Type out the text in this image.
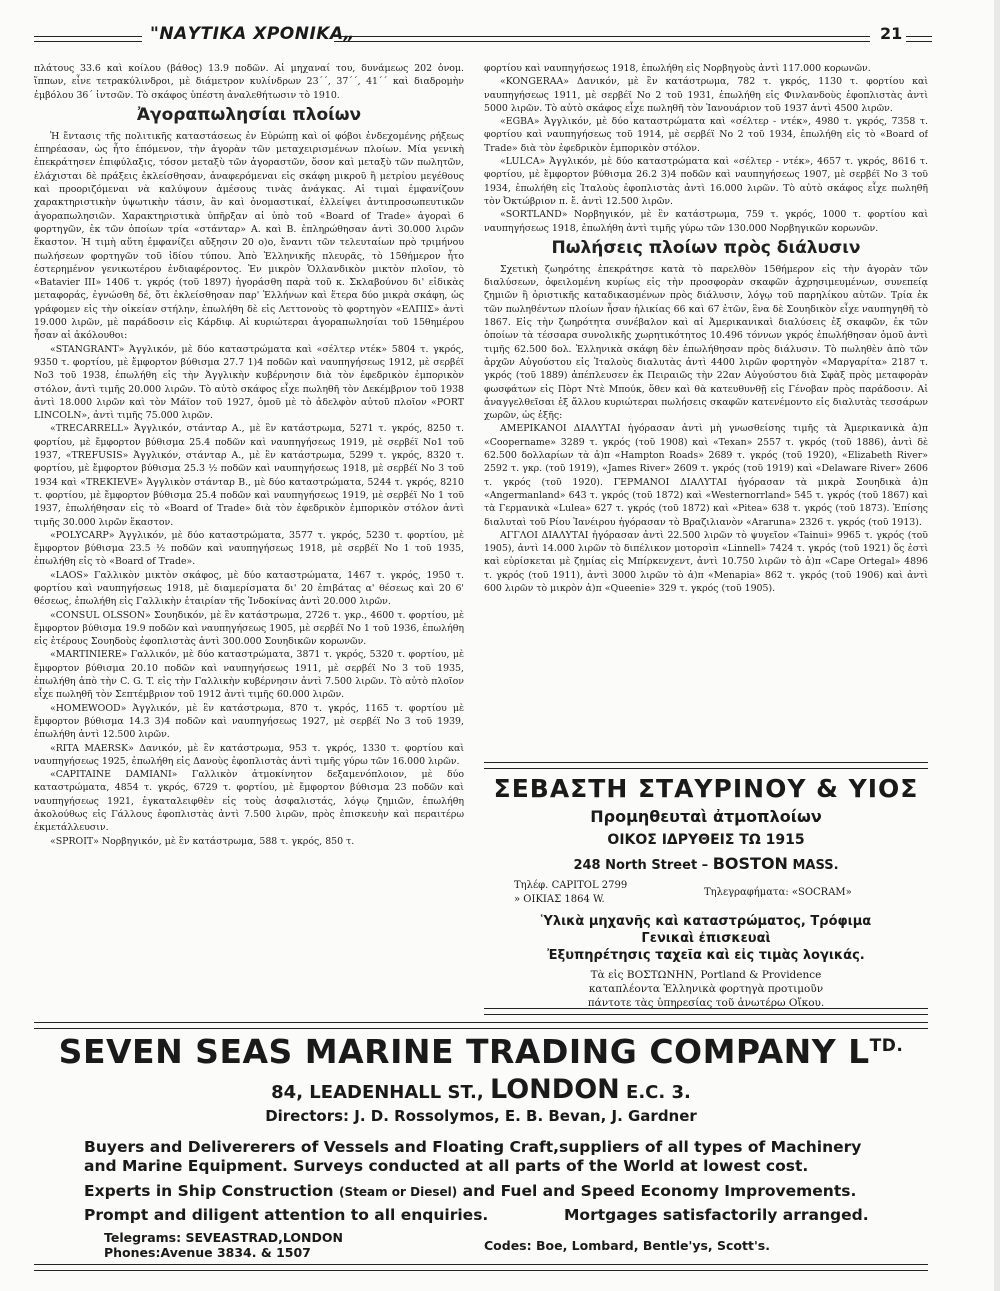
"ΝΑΥΤΙΚΑ ΧΡΟΝΙΚΑ„	21

πλάτους 33.6 καὶ κοίλου (βάθος) 13.9 ποδῶν. Αἱ μηχαναί του, δυνάμεως 202 ὀνομ. ἵππων, εἶνε τετρακύλινδροι, μὲ διάμετρον κυλίνδρων 23΄΄, 37΄΄, 41΄΄ καὶ διαδρομὴν ἐμβόλου 36΄ ἰντσῶν. Τὸ σκάφος ὑπέστη ἀναλεθήτωσιν τὸ 1910.

Ἀγοραπωλησίαι πλοίων

Ἡ ἔντασις τῆς πολιτικῆς καταστάσεως ἐν Εὐρώπῃ καὶ οἱ φόβοι ἐνδεχομένης ρήξεως ἐπηρέασαν, ὡς ἦτο ἑπόμενον, τὴν ἀγορὰν τῶν μεταχειρισμένων πλοίων. Μία γενικὴ ἐπεκράτησεν ἐπιφύλαξις, τόσον μεταξὺ τῶν ἀγοραστῶν, ὅσον καὶ μεταξὺ τῶν πωλητῶν, ἐλάχισται δὲ πράξεις ἐκλείσθησαν, ἀναφερόμεναι εἰς σκάφη μικροῦ ἢ μετρίου μεγέθους καὶ προοριζόμεναι νὰ καλύψουν ἀμέσους τινὰς ἀνάγκας. Αἱ τιμαὶ ἐμφανίζουν χαρακτηριστικὴν ὑψωτικὴν τάσιν, ἂν καὶ ὀνομαστικαί, ἐλλείψει ἀντιπροσωπευτικῶν ἀγοραπωλησιῶν. Χαρακτηριστικὰ ὑπῆρξαν αἱ ὑπὸ τοῦ «Board of Trade» ἀγοραὶ 6 φορτηγῶν, ἐκ τῶν ὁποίων τρία «στάνταρ» Α. καὶ Β. ἐπληρώθησαν ἀντὶ 30.000 λιρῶν ἕκαστον. Ἡ τιμὴ αὕτη ἐμφανίζει αὔξησιν 20 ο)ο, ἔναντι τῶν τελευταίων πρὸ τριμήνου πωλήσεων φορτηγῶν τοῦ ἰδίου τύπου. Ἀπὸ Ἑλληνικῆς πλευρᾶς, τὸ 15θήμερον ἦτο ἐστερημένον γενικωτέρου ἐνδιαφέροντος. Ἐν μικρὸν Ὁλλανδικὸν μικτὸν πλοῖον, τὸ «Batavier III» 1406 τ. γκρός (τοῦ 1897) ἠγοράσθη παρὰ τοῦ κ. Σκλαβούνου δι' εἰδικὰς μεταφοράς, ἐγνώσθη δέ, ὅτι ἐκλείσθησαν παρ' Ἑλλήνων καὶ ἕτερα δύο μικρὰ σκάφη, ὡς γράφομεν εἰς τὴν οἰκείαν στήλην, ἐπωλήθη δὲ εἰς Λεττονοὺς τὸ φορτηγὸν «ΕΛΠΙΣ» ἀντὶ 19.000 λιρῶν, μὲ παράδοσιν εἰς Κάρδιφ. Αἱ κυριώτεραι ἀγοραπωλησίαι τοῦ 15θημέρου ἦσαν αἱ ἀκόλουθοι:

«STANGRANT» Ἀγγλικόν, μὲ δύο καταστρώματα καὶ «σέλτερ ντέκ» 5804 τ. γκρός, 9350 τ. φορτίου, μὲ ἔμφορτον βύθισμα 27.7 1)4 ποδῶν καὶ ναυπηγήσεως 1912, μὲ σερβέϊ Νο3 τοῦ 1938, ἐπωλήθη εἰς τὴν Ἀγγλικὴν κυβέρνησιν διὰ τὸν ἐφεδρικὸν ἐμπορικὸν στόλον, ἀντὶ τιμῆς 20.000 λιρῶν. Τὸ αὐτὸ σκάφος εἶχε πωληθῆ τὸν Δεκέμβριον τοῦ 1938 ἀντὶ 18.000 λιρῶν καὶ τὸν Μάϊον τοῦ 1927, ὁμοῦ μὲ τὸ ἀδελφὸν αὐτοῦ πλοῖον «PORT LINCOLN», ἀντὶ τιμῆς 75.000 λιρῶν.

«TRECARRELL» Ἀγγλικόν, στάνταρ Α., μὲ ἓν κατάστρωμα, 5271 τ. γκρός, 8250 τ. φορτίου, μὲ ἔμφορτον βύθισμα 25.4 ποδῶν καὶ ναυπηγήσεως 1919, μὲ σερβέϊ Νο1 τοῦ 1937, «TREFUSIS» Ἀγγλικόν, στάνταρ Α., μὲ ἓν κατάστρωμα, 5299 τ. γκρός, 8320 τ. φορτίου, μὲ ἔμφορτον βύθισμα 25.3 ½ ποδῶν καὶ ναυπηγήσεως 1918, μὲ σερβέϊ Νο 3 τοῦ 1934 καὶ «TREKIEVE» Ἀγγλικὸν στάνταρ Β., μὲ δύο καταστρώματα, 5244 τ. γκρός, 8210 τ. φορτίου, μὲ ἔμφορτον βύθισμα 25.4 ποδῶν καὶ ναυπηγήσεως 1919, μὲ σερβέϊ Νο 1 τοῦ 1937, ἐπωλήθησαν εἰς τὸ «Board of Trade» διὰ τὸν ἐφεδρικὸν ἐμπορικὸν στόλον ἀντὶ τιμῆς 30.000 λιρῶν ἕκαστον.

«POLYCARP» Ἀγγλικόν, μὲ δύο καταστρώματα, 3577 τ. γκρός, 5230 τ. φορτίου, μὲ ἔμφορτον βύθισμα 23.5 ½ ποδῶν καὶ ναυπηγήσεως 1918, μὲ σερβέϊ Νο 1 τοῦ 1935, ἐπωλήθη εἰς τὸ «Board of Trade».

«LAOS» Γαλλικὸν μικτὸν σκάφος, μὲ δύο καταστρώματα, 1467 τ. γκρός, 1950 τ. φορτίου καὶ ναυπηγήσεως 1918, μὲ διαμερίσματα δι' 20 ἐπιβάτας α' θέσεως καὶ 20 6' θέσεως, ἐπωλήθη εἰς Γαλλικὴν ἑταιρίαν τῆς Ἰνδοκίνας ἀντὶ 20.000 λιρῶν.

«CONSUL OLSSON» Σουηδικόν, μὲ ἓν κατάστρωμα, 2726 τ. γκρ., 4600 τ. φορτίου, μὲ ἔμφορτον βύθισμα 19.9 ποδῶν καὶ ναυπηγήσεως 1905, μὲ σερβέϊ Νο 1 τοῦ 1936, ἐπωλήθη εἰς ἑτέρους Σουηδοὺς ἐφοπλιστὰς ἀντὶ 300.000 Σουηδικῶν κορωνῶν.

«MARTINIERE» Γαλλικόν, μὲ δύο καταστρώματα, 3871 τ. γκρός, 5320 τ. φορτίου, μὲ ἔμφορτον βύθισμα 20.10 ποδῶν καὶ ναυπηγήσεως 1911, μὲ σερβέϊ Νο 3 τοῦ 1935, ἐπωλήθη ἀπὸ τὴν C. G. T. εἰς τὴν Γαλλικὴν κυβέρνησιν ἀντὶ 7.500 λιρῶν. Τὸ αὐτὸ πλοῖον εἶχε πωληθῆ τὸν Σεπτέμβριον τοῦ 1912 ἀντὶ τιμῆς 60.000 λιρῶν.

«HOMEWOOD» Ἀγγλικόν, μὲ ἓν κατάστρωμα, 870 τ. γκρός, 1165 τ. φορτίου μὲ ἔμφορτον βύθισμα 14.3 3)4 ποδῶν καὶ ναυπηγήσεως 1927, μὲ σερβέϊ Νο 3 τοῦ 1939, ἐπωλήθη ἀντὶ 12.500 λιρῶν.

«RITA MAERSK» Δανικόν, μὲ ἓν κατάστρωμα, 953 τ. γκρός, 1330 τ. φορτίου καὶ ναυπηγήσεως 1925, ἐπωλήθη εἰς Δανοὺς ἐφοπλιστὰς ἀντὶ τιμῆς γύρω τῶν 16.000 λιρῶν.

«CAPITAINE DAMIANI» Γαλλικὸν ἀτμοκίνητον δεξαμενόπλοιον, μὲ δύο καταστρώματα, 4854 τ. γκρός, 6729 τ. φορτίου, μὲ ἔμφορτον βύθισμα 23 ποδῶν καὶ ναυπηγήσεως 1921, ἐγκαταλειφθὲν εἰς τοὺς ἀσφαλιστάς, λόγῳ ζημιῶν, ἐπωλήθη ἀκολούθως εἰς Γάλλους ἐφοπλιστὰς ἀντὶ 7.500 λιρῶν, πρὸς ἐπισκευὴν καὶ περαιτέρω ἐκμετάλλευσιν.

«SPROIT» Νορβηγικόν, μὲ ἓν κατάστρωμα, 588 τ. γκρός, 850 τ.

φορτίου καὶ ναυπηγήσεως 1918, ἐπωλήθη εἰς Νορβηγοὺς ἀντὶ 117.000 κορωνῶν.

«KONGERAA» Δανικόν, μὲ ἓν κατάστρωμα, 782 τ. γκρός, 1130 τ. φορτίου καὶ ναυπηγήσεως 1911, μὲ σερβέϊ Νο 2 τοῦ 1931, ἐπωλήθη εἰς Φινλανδοὺς ἐφοπλιστὰς ἀντὶ 5000 λιρῶν. Τὸ αὐτὸ σκάφος εἶχε πωληθῆ τὸν Ἰανουάριον τοῦ 1937 ἀντὶ 4500 λιρῶν.

«EGBA» Ἀγγλικόν, μὲ δύο καταστρώματα καὶ «σέλτερ - ντέκ», 4980 τ. γκρός, 7358 τ. φορτίου καὶ ναυπηγήσεως τοῦ 1914, μὲ σερβέϊ Νο 2 τοῦ 1934, ἐπωλήθη εἰς τὸ «Board of Trade» διὰ τὸν ἐφεδρικὸν ἐμπορικὸν στόλον.

«LULCA» Ἀγγλικόν, μὲ δύο καταστρώματα καὶ «σέλτερ - ντέκ», 4657 τ. γκρός, 8616 τ. φορτίου, μὲ ἔμφορτον βύθισμα 26.2 3)4 ποδῶν καὶ ναυπηγήσεως 1907, μὲ σερβέϊ Νο 3 τοῦ 1934, ἐπωλήθη εἰς Ἰταλοὺς ἐφοπλιστὰς ἀντὶ 16.000 λιρῶν. Τὸ αὐτὸ σκάφος εἶχε πωληθῆ τὸν Ὀκτώβριον π. ἔ. ἀντὶ 12.500 λιρῶν.

«SORTLAND» Νορβηγικόν, μὲ ἓν κατάστρωμα, 759 τ. γκρός, 1000 τ. φορτίου καὶ ναυπηγήσεως 1918, ἐπωλήθη ἀντὶ τιμῆς γύρω τῶν 130.000 Νορβηγικῶν κορωνῶν.

Πωλήσεις πλοίων πρὸς διάλυσιν

Σχετικὴ ζωηρότης ἐπεκράτησε κατὰ τὸ παρελθὸν 15θήμερον εἰς τὴν ἀγορὰν τῶν διαλύσεων, ὀφειλομένη κυρίως εἰς τὴν προσφορὰν σκαφῶν ἀχρησιμευμένων, συνεπείᾳ ζημιῶν ἢ ὁριστικῆς καταδικασμένων πρὸς διάλυσιν, λόγῳ τοῦ παρηλίκου αὐτῶν. Τρία ἐκ τῶν πωληθέντων πλοίων ἦσαν ἡλικίας 66 καὶ 67 ἐτῶν, ἓνα δὲ Σουηδικὸν εἶχε ναυπηγηθῆ τὸ 1867. Εἰς τὴν ζωηρότητα συνέβαλον καὶ αἱ Ἀμερικανικαὶ διαλύσεις ἐξ σκαφῶν, ἐκ τῶν ὁποίων τὰ τέσσαρα συνολικῆς χωρητικότητος 10.496 τόννων γκρός ἐπωλήθησαν ὁμοῦ ἀντὶ τιμῆς 62.500 δολ. Ἑλληνικὰ σκάφη δὲν ἐπωλήθησαν πρὸς διάλυσιν. Τὸ πωληθὲν ἀπὸ τῶν ἀρχῶν Αὐγούστου εἰς Ἰταλοὺς διαλυτὰς ἀντὶ 4400 λιρῶν φορτηγὸν «Μαργαρίτα» 2187 τ. γκρός (τοῦ 1889) ἀπέπλευσεν ἐκ Πειραιῶς τὴν 22αν Αὐγούστου διὰ Σφὰξ πρὸς μεταφορὰν φωσφάτων εἰς Πὸρτ Ντὲ Μπούκ, ὅθεν καὶ θὰ κατευθυνθῇ εἰς Γένοβαν πρὸς παράδοσιν. Αἱ ἀναγγελθεῖσαι ἐξ ἄλλου κυριώτεραι πωλήσεις σκαφῶν κατενέμοντο εἰς διαλυτὰς τεσσάρων χωρῶν, ὡς ἑξῆς:

ΑΜΕΡΙΚΑΝΟΙ ΔΙΑΛΥΤΑΙ ἠγόρασαν ἀντὶ μὴ γνωσθείσης τιμῆς τὰ Ἀμερικανικὰ ἀ)π «Coopername» 3289 τ. γκρός (τοῦ 1908) καὶ «Texan» 2557 τ. γκρός (τοῦ 1886), ἀντὶ δὲ 62.500 δολλαρίων τὰ ἀ)π «Hampton Roads» 2689 τ. γκρός (τοῦ 1920), «Elizabeth River» 2592 τ. γκρ. (τοῦ 1919), «James River» 2609 τ. γκρός (τοῦ 1919) καὶ «Delaware River» 2606 τ. γκρός (τοῦ 1920). ΓΕΡΜΑΝΟΙ ΔΙΑΛΥΤΑΙ ἠγόρασαν τὰ μικρὰ Σουηδικὰ ἀ)π «Angermanland» 643 τ. γκρός (τοῦ 1872) καὶ «Westernorrland» 545 τ. γκρός (τοῦ 1867) καὶ τὰ Γερμανικὰ «Lulea» 627 τ. γκρός (τοῦ 1872) καὶ «Pitea» 638 τ. γκρός (τοῦ 1873). Ἐπίσης διαλυταὶ τοῦ Ρίου Ἰανέιρου ἠγόρασαν τὸ Βραζιλιανὸν «Ararunа» 2326 τ. γκρός (τοῦ 1913).

ΑΓΓΛΟΙ ΔΙΑΛΥΤΑΙ ἠγόρασαν ἀντὶ 22.500 λιρῶν τὸ ψυγεῖον «Tainui» 9965 τ. γκρός (τοῦ 1905), ἀντὶ 14.000 λιρῶν τὸ διπέλικον μοτορσὶπ «Linnell» 7424 τ. γκρός (τοῦ 1921) ὅς ἐστὶ καὶ εὑρίσκεται μὲ ζημίας εἰς Μπίρκενχεντ, ἀντὶ 10.750 λιρῶν τὸ ἀ)π «Cape Ortegal» 4896 τ. γκρός (τοῦ 1911), ἀντὶ 3000 λιρῶν τὸ ἀ)π «Menapia» 862 τ. γκρός (τοῦ 1906) καὶ ἀντὶ 600 λιρῶν τὸ μικρὸν ἀ)π «Queenie» 329 τ. γκρός (τοῦ 1905).

ΣΕΒΑΣΤΗ ΣΤΑΥΡΙΝΟΥ & ΥΙΟΣ
Προμηθευταὶ ἀτμοπλοίων
ΟΙΚΟΣ ΙΔΡΥΘΕΙΣ ΤΩ 1915
248 North Street – BOSTON MASS.
Τηλέφ. CAPITOL 2799
» ΟΙΚΙΑΣ 1864 W.
Τηλεγραφήματα: «SOCRAM»
Ὑλικὰ μηχανῆς καὶ καταστρώματος, Τρόφιμα
Γενικαὶ ἐπισκευαὶ
Ἐξυπηρέτησις ταχεῖα καὶ εἰς τιμὰς λογικάς.
Τὰ εἰς ΒΟΣΤΩΝΗΝ, Portland & Providence
καταπλέοντα Ἑλληνικὰ φορτηγὰ προτιμοῦν
πάντοτε τὰς ὑπηρεσίας τοῦ ἀνωτέρω Οἴκου.
SEVEN SEAS MARINE TRADING COMPANY $L^{TD.}$
84, LEADENHALL ST., LONDON E.C. 3.
Directors: J. D. Rossolymos, E. B. Bevan, J. Gardner
Buyers and Delivererers of Vessels and Floating Craft,suppliers of all types of Machinery and Marine Equipment. Surveys conducted at all parts of the World at lowest cost.
Experts in Ship Construction (Steam or Diesel) and Fuel and Speed Economy Improvements.
Prompt and diligent attention to all enquiries.	Mortgages satisfactorily arranged.
Telegrams: SEVEASTRAD,LONDON
Phones:Avenue 3834. & 1507	Codes: Boe, Lombard, Bentle'ys, Scott's.
